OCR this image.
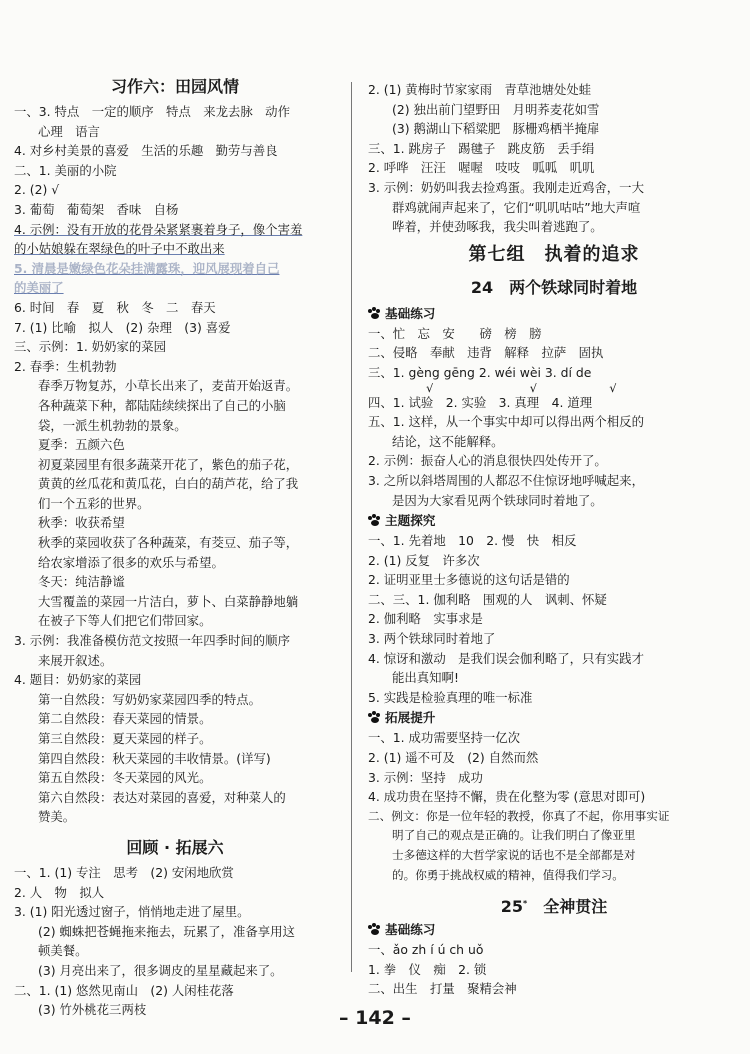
习作六：田园风情
一、3. 特点　一定的顺序　特点　来龙去脉　动作
心理　语言
4. 对乡村美景的喜爱　生活的乐趣　勤劳与善良
二、1. 美丽的小院
2. (2) √
3. 葡萄　葡萄架　香味　自杨
4. 示例：没有开放的花骨朵紧紧裹着身子，像个害羞
的小姑娘躲在翠绿色的叶子中不敢出来
5. 清晨是嫩绿色花朵挂满露珠，迎风展现着自己
的美丽了
6. 时间　春　夏　秋　冬　二　春天
7. (1) 比喻　拟人　(2) 杂理　(3) 喜爱
三、示例：1. 奶奶家的菜园
2. 春季：生机勃勃
春季万物复苏，小草长出来了，麦苗开始返青。
各种蔬菜下种，都陆陆续续探出了自己的小脑
袋，一派生机勃勃的景象。
夏季：五颜六色
初夏菜园里有很多蔬菜开花了，紫色的茄子花，
黄黄的丝瓜花和黄瓜花，白白的葫芦花，给了我
们一个五彩的世界。
秋季：收获希望
秋季的菜园收获了各种蔬菜，有茭豆、茄子等，
给农家增添了很多的欢乐与希望。
冬天：纯洁静谧
大雪覆盖的菜园一片洁白，萝卜、白菜静静地躺
在被子下等人们把它们带回家。
3. 示例：我准备模仿范文按照一年四季时间的顺序
来展开叙述。
4. 题目：奶奶家的菜园
第一自然段：写奶奶家菜园四季的特点。
第二自然段：春天菜园的情景。
第三自然段：夏天菜园的样子。
第四自然段：秋天菜园的丰收情景。(详写)
第五自然段：冬天菜园的风光。
第六自然段：表达对菜园的喜爱，对种菜人的
赞美。
回顾 · 拓展六
一、1. (1) 专注　思考　(2) 安闲地欣赏
2. 人　物　拟人
3. (1) 阳光透过窗子，悄悄地走进了屋里。
(2) 蜘蛛把苍蝇拖来拖去，玩累了，准备享用这
顿美餐。
(3) 月亮出来了，很多调皮的星星藏起来了。
二、1. (1) 悠然见南山　(2) 人闲桂花落
(3) 竹外桃花三两枝
2. (1) 黄梅时节家家雨　青草池塘处处蛙
(2) 独出前门望野田　月明荞麦花如雪
(3) 鹅湖山下稻粱肥　豚栅鸡栖半掩扉
三、1. 跳房子　踢毽子　跳皮筋　丢手绢
2. 呼哗　汪汪　喔喔　吱吱　呱呱　叽叽
3. 示例：奶奶叫我去捡鸡蛋。我刚走近鸡舍，一大
群鸡就闹声起来了，它们“叽叽咕咕”地大声喧
哗着，并使劲啄我，我尖叫着逃跑了。
第七组　执着的追求
24　两个铁球同时着地
基础练习
一、忙　忘　安　　磅　榜　膀
二、侵略　奉献　违背　解释　拉萨　固执
三、1. gèng gēng 2. wéi wèi 3. dí de
√　　　　　　　　√　　　　　　√
四、1. 试验　2. 实验　3. 真理　4. 道理
五、1. 这样，从一个事实中却可以得出两个相反的
结论，这不能解释。
2. 示例：振奋人心的消息很快四处传开了。
3. 之所以斜塔周围的人都忍不住惊讶地呼喊起来，
是因为大家看见两个铁球同时着地了。
主题探究
一、1. 先着地　10　2. 慢　快　相反
2. (1) 反复　许多次
2. 证明亚里士多德说的这句话是错的
二、三、1. 伽利略　围观的人　讽刺、怀疑
2. 伽利略　实事求是
3. 两个铁球同时着地了
4. 惊讶和激动　是我们误会伽利略了，只有实践才
能出真知啊!
5. 实践是检验真理的唯一标准
拓展提升
一、1. 成功需要坚持一亿次
2. (1) 遥不可及　(2) 自然而然
3. 示例：坚持　成功
4. 成功贵在坚持不懈，贵在化整为零 (意思对即可)
二、例文：你是一位年轻的教授，你真了不起，你用事实证
明了自己的观点是正确的。让我们明白了像亚里
士多德这样的大哲学家说的话也不是全部都是对
的。你勇于挑战权威的精神，值得我们学习。
25*　 全神贯注
基础练习
一、ǎo zh í ú ch uǒ
1. 拳　仪　痴　2. 锁
二、出生　打量　聚精会神
– 142 –
